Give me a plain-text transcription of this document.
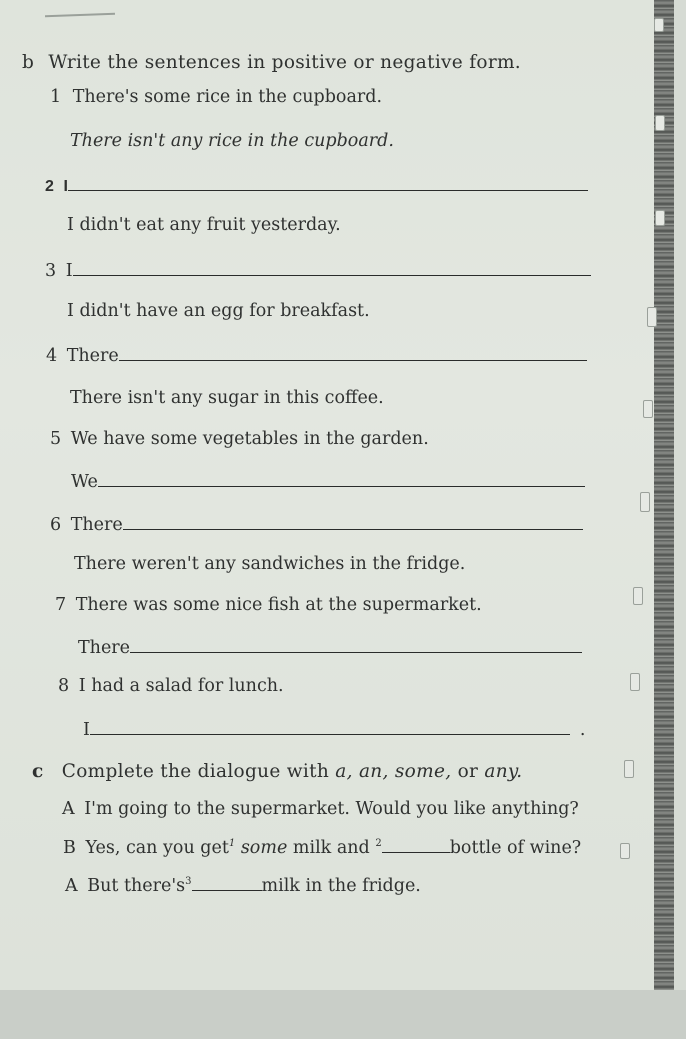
b Write the sentences in positive or negative form.
1 There's some rice in the cupboard.
There isn't any rice in the cupboard.
2 I
I didn't eat any fruit yesterday.
3 I
I didn't have an egg for breakfast.
4 There
There isn't any sugar in this coffee.
5 We have some vegetables in the garden.
We
6 There
There weren't any sandwiches in the fridge.
7 There was some nice fish at the supermarket.
There
8 I had a salad for lunch.
I	.
c Complete the dialogue with a, an, some, or any.
A I'm going to the supermarket. Would you like anything?
B Yes, can you get$^1$ some milk and $^2$	bottle of wine?
A But $there's^3$	milk in the fridge.
